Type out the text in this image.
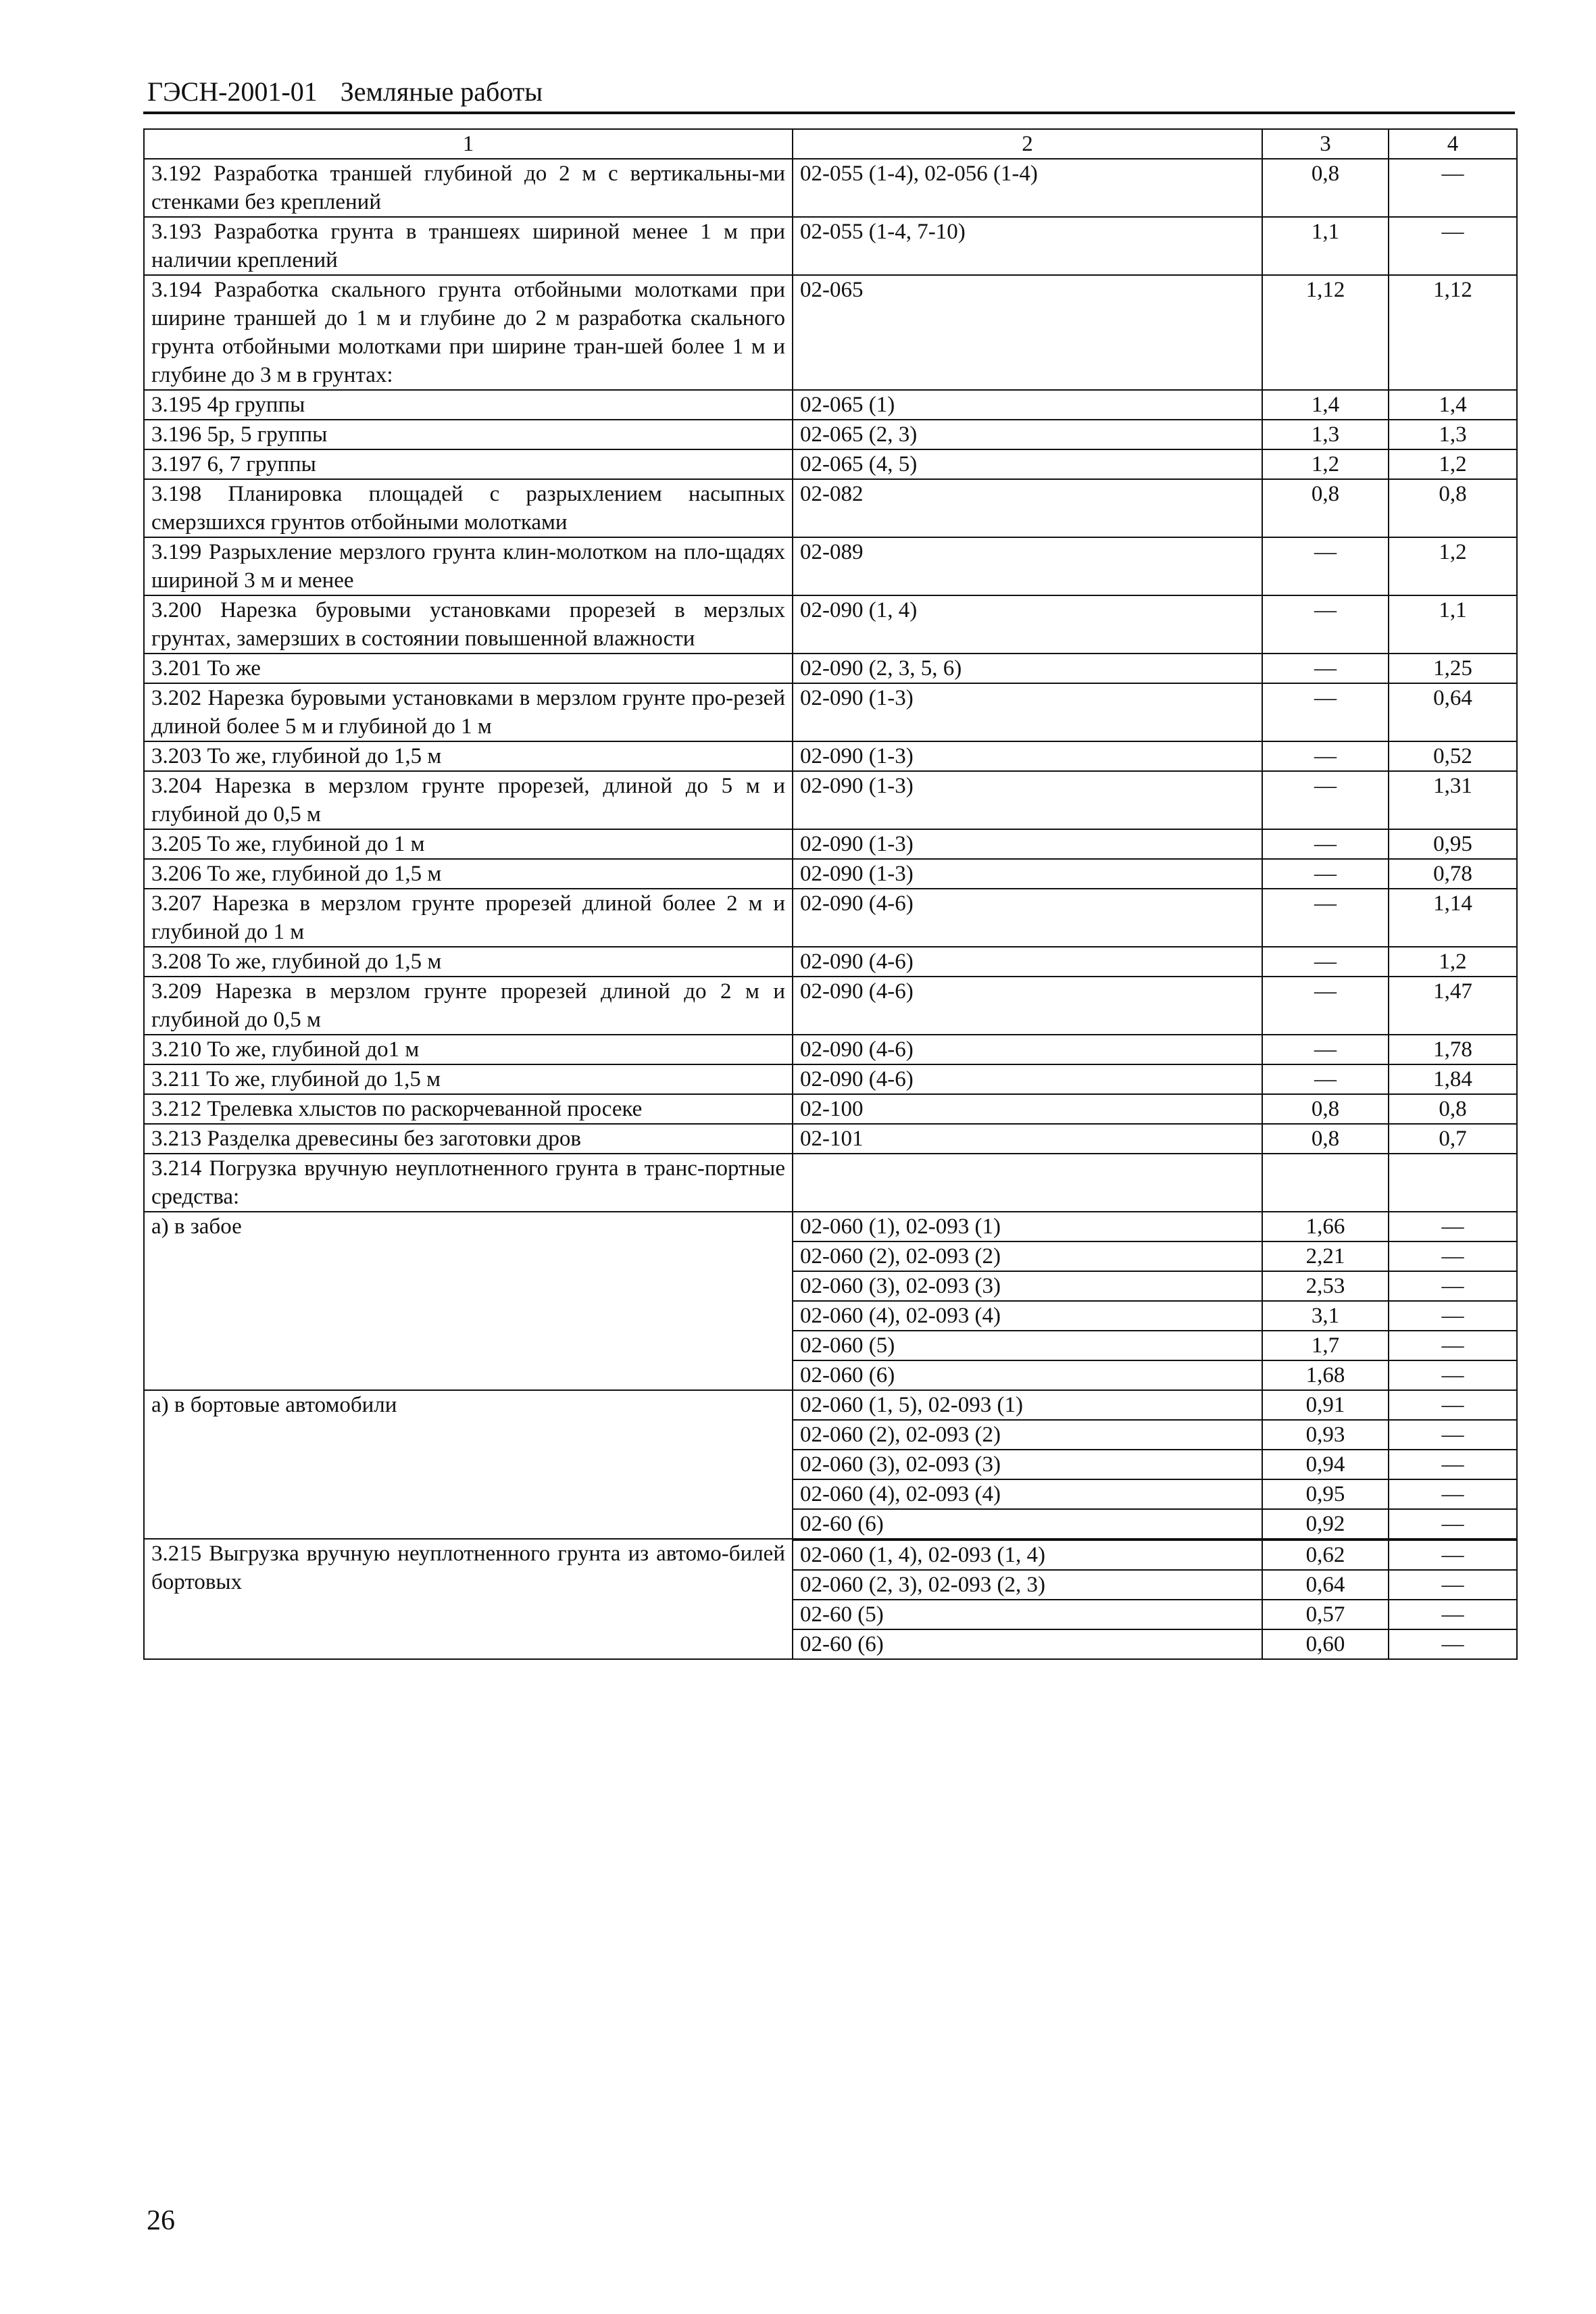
ГЭСН-2001-01 Земляные работы
1	2	3	4
3.192 Разработка траншей глубиной до 2 м с вертикальны-ми стенками без креплений	02-055 (1-4), 02-056 (1-4)	0,8	—
3.193 Разработка грунта в траншеях шириной менее 1 м при наличии креплений	02-055 (1-4, 7-10)	1,1	—
3.194 Разработка скального грунта отбойными молотками при ширине траншей до 1 м и глубине до 2 м разработка скального грунта отбойными молотками при ширине тран-шей более 1 м и глубине до 3 м в грунтах:	02-065	1,12	1,12
3.195 4р группы	02-065 (1)	1,4	1,4
3.196 5р, 5 группы	02-065 (2, 3)	1,3	1,3
3.197 6, 7 группы	02-065 (4, 5)	1,2	1,2
3.198 Планировка площадей с разрыхлением насыпных смерзшихся грунтов отбойными молотками	02-082	0,8	0,8
3.199 Разрыхление мерзлого грунта клин-молотком на пло-щадях шириной 3 м и менее	02-089	—	1,2
3.200 Нарезка буровыми установками прорезей в мерзлых грунтах, замерзших в состоянии повышенной влажности	02-090 (1, 4)	—	1,1
3.201 То же	02-090 (2, 3, 5, 6)	—	1,25
3.202 Нарезка буровыми установками в мерзлом грунте про-резей длиной более 5 м и глубиной до 1 м	02-090 (1-3)	—	0,64
3.203 То же, глубиной до 1,5 м	02-090 (1-3)	—	0,52
3.204 Нарезка в мерзлом грунте прорезей, длиной до 5 м и глубиной до 0,5 м	02-090 (1-3)	—	1,31
3.205 То же, глубиной до 1 м	02-090 (1-3)	—	0,95
3.206 То же, глубиной до 1,5 м	02-090 (1-3)	—	0,78
3.207 Нарезка в мерзлом грунте прорезей длиной более 2 м и глубиной до 1 м	02-090 (4-6)	—	1,14
3.208 То же, глубиной до 1,5 м	02-090 (4-6)	—	1,2
3.209 Нарезка в мерзлом грунте прорезей длиной до 2 м и глубиной до 0,5 м	02-090 (4-6)	—	1,47
3.210 То же, глубиной до1 м	02-090 (4-6)	—	1,78
3.211 То же, глубиной до 1,5 м	02-090 (4-6)	—	1,84
3.212 Трелевка хлыстов по раскорчеванной просеке	02-100	0,8	0,8
3.213 Разделка древесины без заготовки дров	02-101	0,8	0,7
3.214 Погрузка вручную неуплотненного грунта в транс-портные средства:			
а) в забое	02-060 (1), 02-093 (1)	1,66	—
	02-060 (2), 02-093 (2)	2,21	—
	02-060 (3), 02-093 (3)	2,53	—
	02-060 (4), 02-093 (4)	3,1	—
	02-060 (5)	1,7	—
	02-060 (6)	1,68	—
а) в бортовые автомобили	02-060 (1, 5), 02-093 (1)	0,91	—
	02-060 (2), 02-093 (2)	0,93	—
	02-060 (3), 02-093 (3)	0,94	—
	02-060 (4), 02-093 (4)	0,95	—
	02-60 (6)	0,92	—
3.215 Выгрузка вручную неуплотненного грунта из автомо-билей бортовых			
	02-060 (1, 4), 02-093 (1, 4)	0,62	—
	02-060 (2, 3), 02-093 (2, 3)	0,64	—
	02-60 (5)	0,57	—
	02-60 (6)	0,60	—
26
